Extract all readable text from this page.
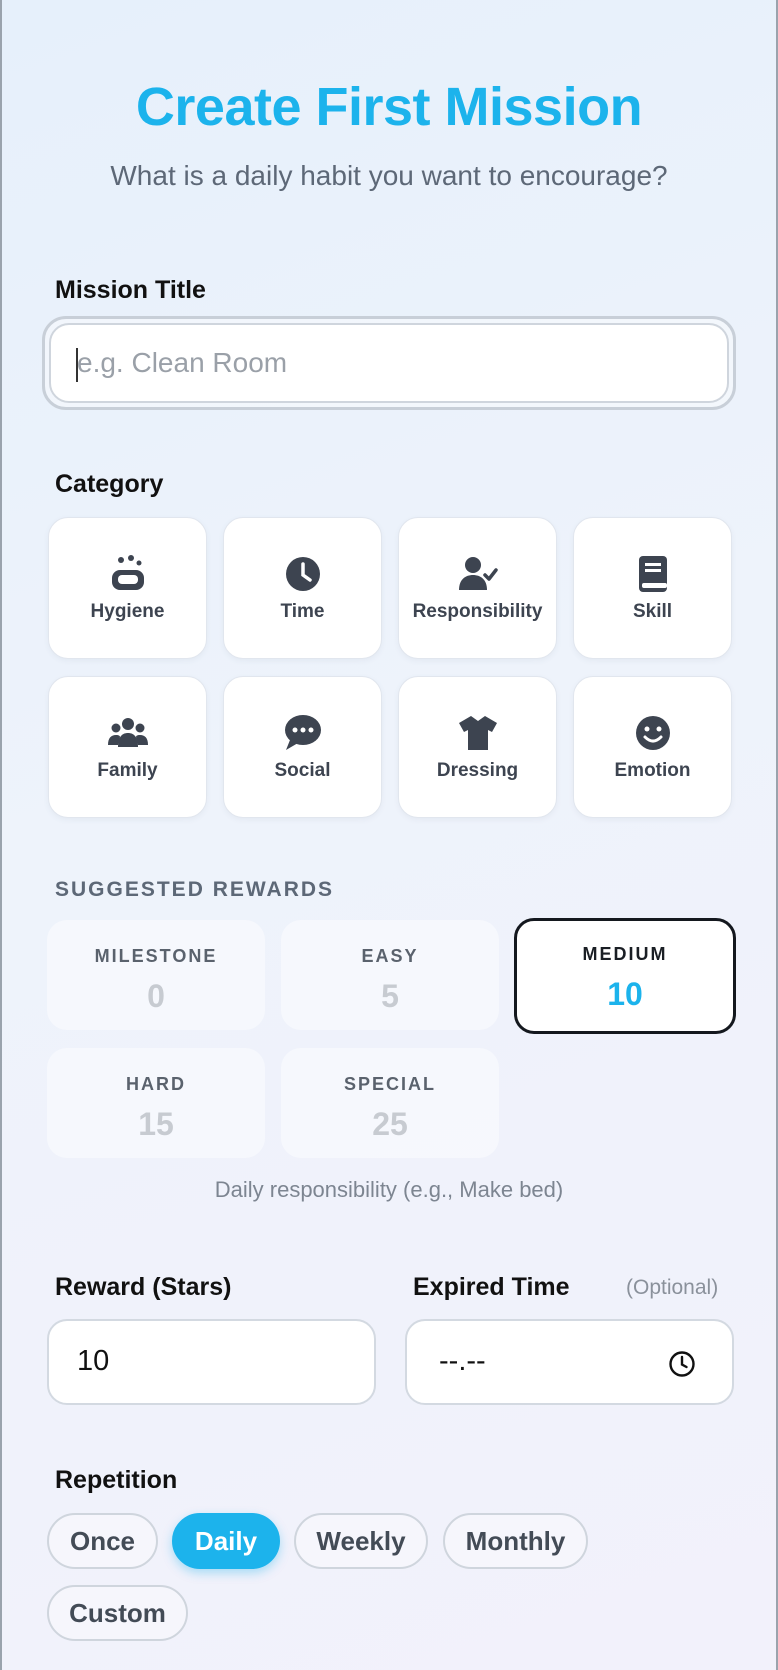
Create First Mission
What is a daily habit you want to encourage?
Mission Title
e.g. Clean Room
Category
Hygiene	Time	Responsibility	Skill
Family	Social	Dressing	Emotion
SUGGESTED REWARDS
MILESTONE
0
EASY
5
MEDIUM
10
HARD
15
SPECIAL
25
Daily responsibility (e.g., Make bed)
Reward (Stars)	Expired Time	(Optional)
10	--.--
Repetition
Once	Daily	Weekly	Monthly
Custom
